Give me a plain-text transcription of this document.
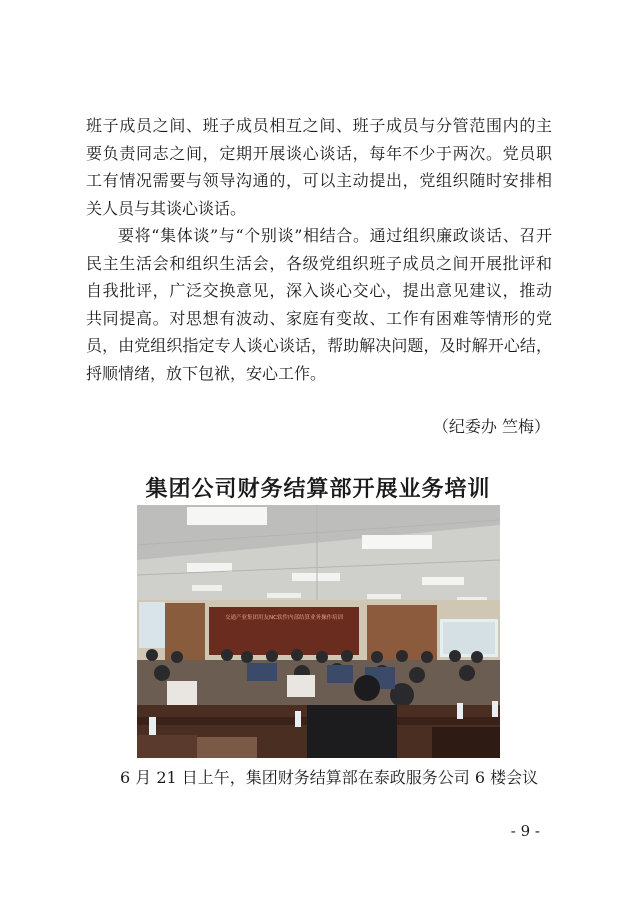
班子成员之间、班子成员相互之间、班子成员与分管范围内的主
要负责同志之间，定期开展谈心谈话，每年不少于两次。党员职
工有情况需要与领导沟通的，可以主动提出，党组织随时安排相
关人员与其谈心谈话。
要将“集体谈”与“个别谈”相结合。通过组织廉政谈话、召开
民主生活会和组织生活会，各级党组织班子成员之间开展批评和
自我批评，广泛交换意见，深入谈心交心，提出意见建议，推动
共同提高。对思想有波动、家庭有变故、工作有困难等情形的党
员，由党组织指定专人谈心谈话，帮助解决问题，及时解开心结，
捋顺情绪，放下包袱，安心工作。
（纪委办 竺梅）
集团公司财务结算部开展业务培训
交通产业集团用友NC软件内部结算业务操作培训
6 月 21 日上午，集团财务结算部在泰政服务公司 6 楼会议
- 9 -
